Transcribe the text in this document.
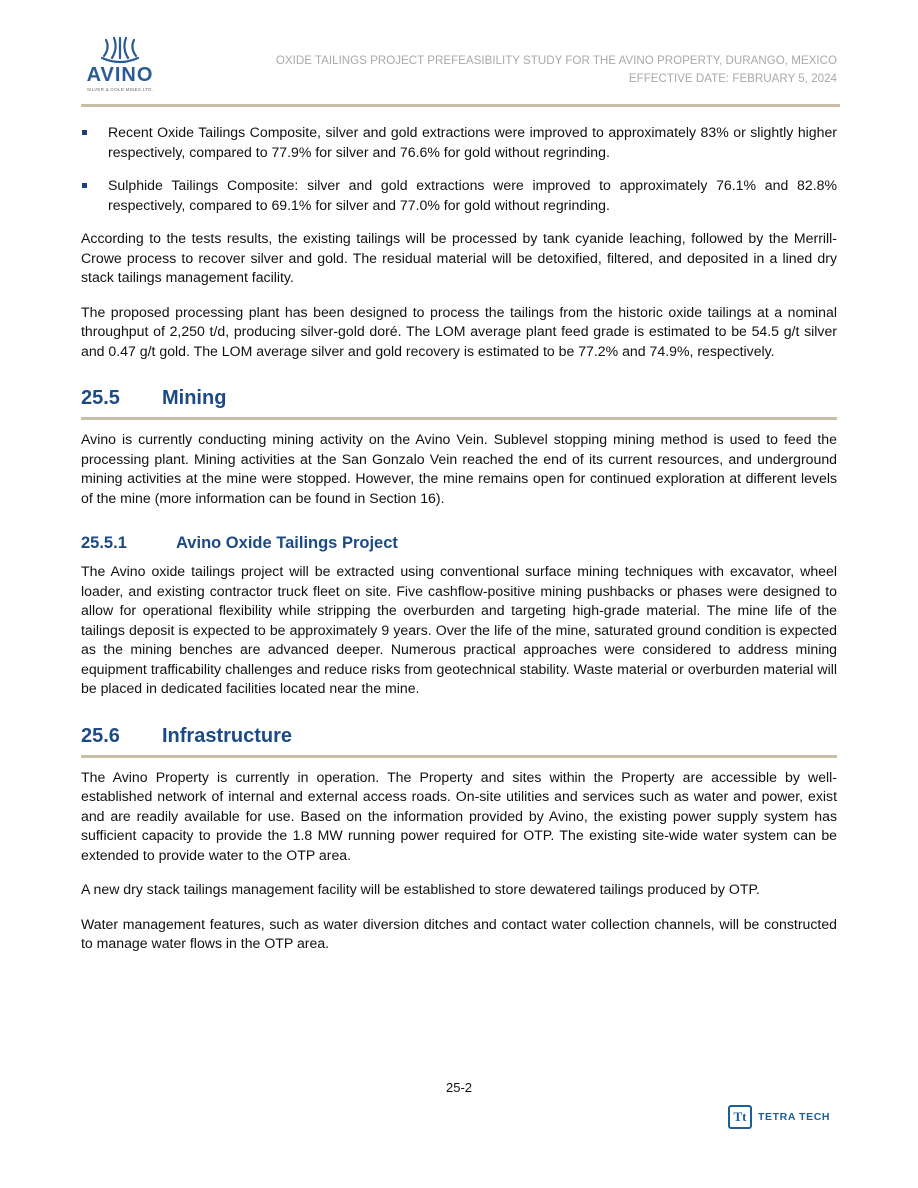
AVINO
SILVER & GOLD MINES LTD.
OXIDE TAILINGS PROJECT PREFEASIBILITY STUDY FOR THE AVINO PROPERTY, DURANGO, MEXICO
EFFECTIVE DATE: FEBRUARY 5, 2024
Recent Oxide Tailings Composite, silver and gold extractions were improved to approximately 83% or slightly higher respectively, compared to 77.9% for silver and 76.6% for gold without regrinding.
Sulphide Tailings Composite: silver and gold extractions were improved to approximately 76.1% and 82.8% respectively, compared to 69.1% for silver and 77.0% for gold without regrinding.

According to the tests results, the existing tailings will be processed by tank cyanide leaching, followed by the Merrill-Crowe process to recover silver and gold. The residual material will be detoxified, filtered, and deposited in a lined dry stack tailings management facility.

The proposed processing plant has been designed to process the tailings from the historic oxide tailings at a nominal throughput of 2,250 t/d, producing silver-gold doré. The LOM average plant feed grade is estimated to be 54.5 g/t silver and 0.47 g/t gold. The LOM average silver and gold recovery is estimated to be 77.2% and 74.9%, respectively.

25.5 Mining

Avino is currently conducting mining activity on the Avino Vein. Sublevel stopping mining method is used to feed the processing plant. Mining activities at the San Gonzalo Vein reached the end of its current resources, and underground mining activities at the mine were stopped. However, the mine remains open for continued exploration at different levels of the mine (more information can be found in Section 16).

25.5.1	Avino Oxide Tailings Project

The Avino oxide tailings project will be extracted using conventional surface mining techniques with excavator, wheel loader, and existing contractor truck fleet on site. Five cashflow-positive mining pushbacks or phases were designed to allow for operational flexibility while stripping the overburden and targeting high-grade material. The mine life of the tailings deposit is expected to be approximately 9 years. Over the life of the mine, saturated ground condition is expected as the mining benches are advanced deeper. Numerous practical approaches were considered to address mining equipment trafficability challenges and reduce risks from geotechnical stability. Waste material or overburden material will be placed in dedicated facilities located near the mine.

25.6 Infrastructure

The Avino Property is currently in operation. The Property and sites within the Property are accessible by well-established network of internal and external access roads. On-site utilities and services such as water and power, exist and are readily available for use. Based on the information provided by Avino, the existing power supply system has sufficient capacity to provide the 1.8 MW running power required for OTP. The existing site-wide water system can be extended to provide water to the OTP area.

A new dry stack tailings management facility will be established to store dewatered tailings produced by OTP.

Water management features, such as water diversion ditches and contact water collection channels, will be constructed to manage water flows in the OTP area.

25-2
Tt	TETRA TECH
